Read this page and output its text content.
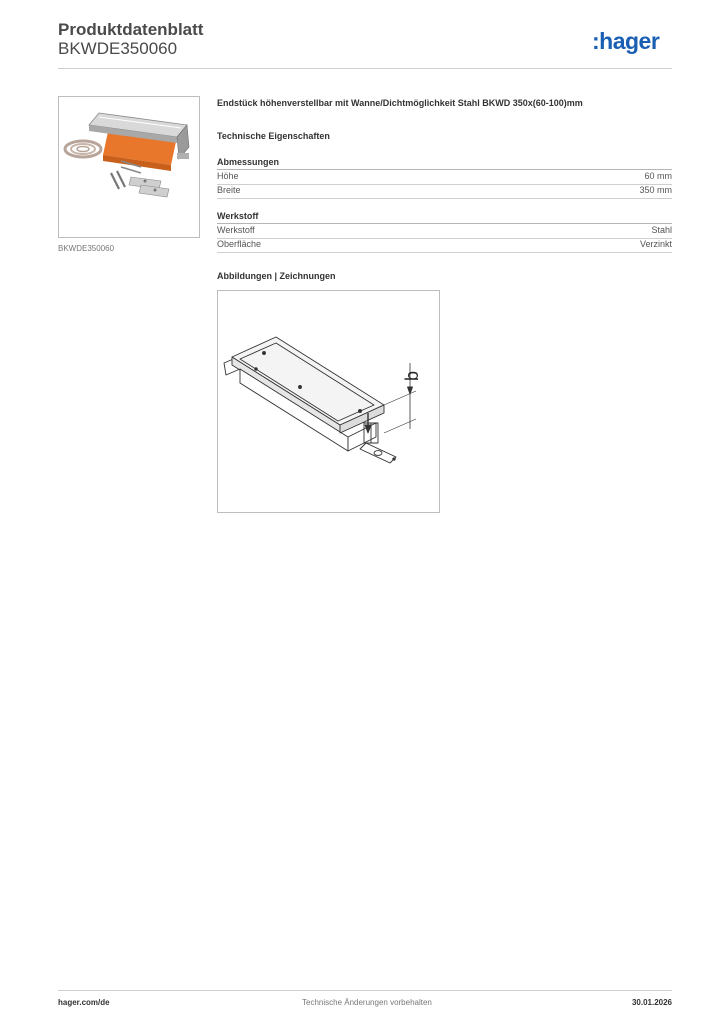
Produktdatenblatt
BKWDE350060	:hager
BKWDE350060
Endstück höhenverstellbar mit Wanne/Dichtmöglichkeit Stahl BKWD 350x(60-100)mm
Technische Eigenschaften
Abmessungen
Höhe	60 mm
Breite	350 mm
Werkstoff
Werkstoff	Stahl
Oberfläche	Verzinkt
Abbildungen | Zeichnungen
b
hager.com/de	Technische Änderungen vorbehalten	30.01.2026
